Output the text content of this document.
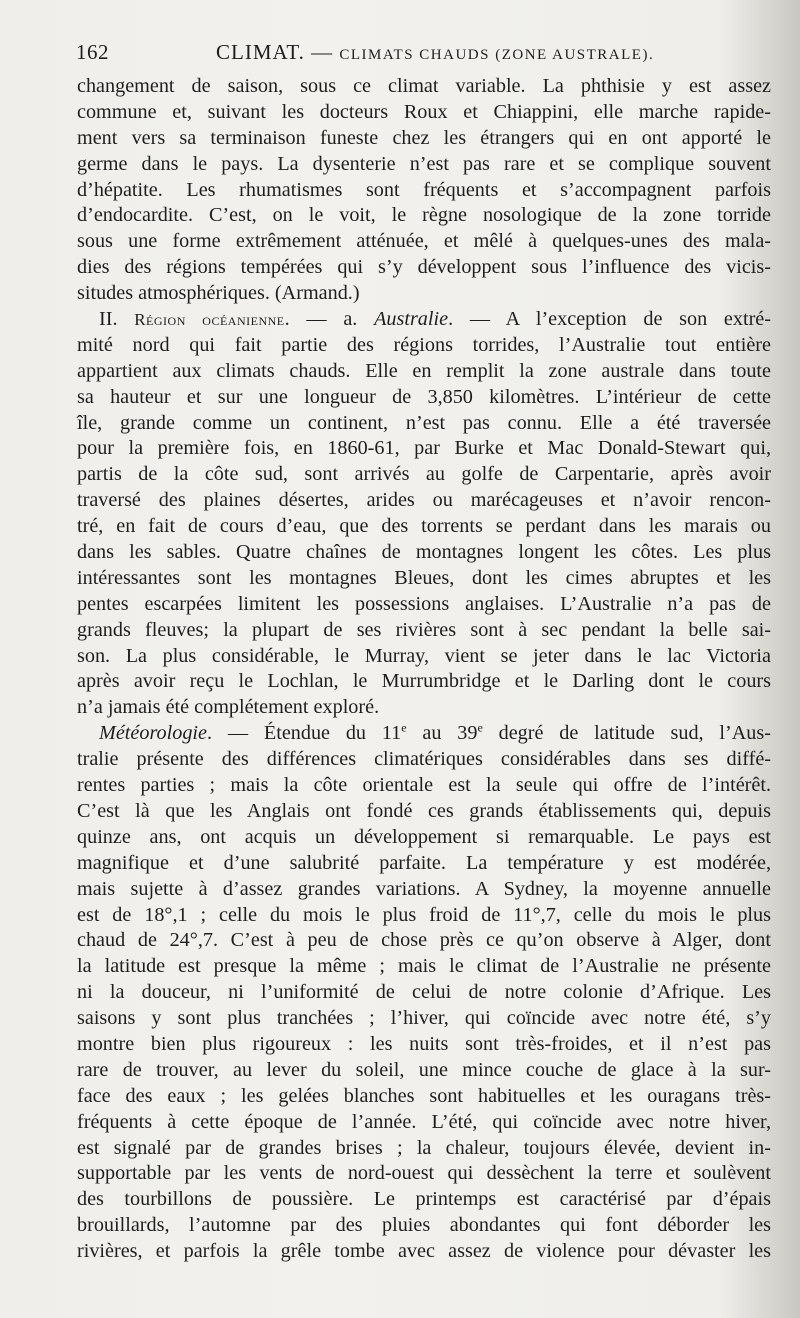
162	CLIMAT. — CLIMATS CHAUDS (ZONE AUSTRALE).
changement de saison, sous ce climat variable. La phthisie y est assez
commune et, suivant les docteurs Roux et Chiappini, elle marche rapide-
ment vers sa terminaison funeste chez les étrangers qui en ont apporté le
germe dans le pays. La dysenterie n’est pas rare et se complique souvent
d’hépatite. Les rhumatismes sont fréquents et s’accompagnent parfois
d’endocardite. C’est, on le voit, le règne nosologique de la zone torride
sous une forme extrêmement atténuée, et mêlé à quelques-unes des mala-
dies des régions tempérées qui s’y développent sous l’influence des vicis-
situdes atmosphériques. (Armand.)
II. Région océanienne. — a. Australie. — A l’exception de son extré-
mité nord qui fait partie des régions torrides, l’Australie tout entière
appartient aux climats chauds. Elle en remplit la zone australe dans toute
sa hauteur et sur une longueur de 3,850 kilomètres. L’intérieur de cette
île, grande comme un continent, n’est pas connu. Elle a été traversée
pour la première fois, en 1860-61, par Burke et Mac Donald-Stewart qui,
partis de la côte sud, sont arrivés au golfe de Carpentarie, après avoir
traversé des plaines désertes, arides ou marécageuses et n’avoir rencon-
tré, en fait de cours d’eau, que des torrents se perdant dans les marais ou
dans les sables. Quatre chaînes de montagnes longent les côtes. Les plus
intéressantes sont les montagnes Bleues, dont les cimes abruptes et les
pentes escarpées limitent les possessions anglaises. L’Australie n’a pas de
grands fleuves; la plupart de ses rivières sont à sec pendant la belle sai-
son. La plus considérable, le Murray, vient se jeter dans le lac Victoria
après avoir reçu le Lochlan, le Murrumbridge et le Darling dont le cours
n’a jamais été complétement exploré.
Météorologie. — Étendue du 11e au 39e degré de latitude sud, l’Aus-
tralie présente des différences climatériques considérables dans ses diffé-
rentes parties ; mais la côte orientale est la seule qui offre de l’intérêt.
C’est là que les Anglais ont fondé ces grands établissements qui, depuis
quinze ans, ont acquis un développement si remarquable. Le pays est
magnifique et d’une salubrité parfaite. La température y est modérée,
mais sujette à d’assez grandes variations. A Sydney, la moyenne annuelle
est de 18°,1 ; celle du mois le plus froid de 11°,7, celle du mois le plus
chaud de 24°,7. C’est à peu de chose près ce qu’on observe à Alger, dont
la latitude est presque la même ; mais le climat de l’Australie ne présente
ni la douceur, ni l’uniformité de celui de notre colonie d’Afrique. Les
saisons y sont plus tranchées ; l’hiver, qui coïncide avec notre été, s’y
montre bien plus rigoureux : les nuits sont très-froides, et il n’est pas
rare de trouver, au lever du soleil, une mince couche de glace à la sur-
face des eaux ; les gelées blanches sont habituelles et les ouragans très-
fréquents à cette époque de l’année. L’été, qui coïncide avec notre hiver,
est signalé par de grandes brises ; la chaleur, toujours élevée, devient in-
supportable par les vents de nord-ouest qui dessèchent la terre et soulèvent
des tourbillons de poussière. Le printemps est caractérisé par d’épais
brouillards, l’automne par des pluies abondantes qui font déborder les
rivières, et parfois la grêle tombe avec assez de violence pour dévaster les
